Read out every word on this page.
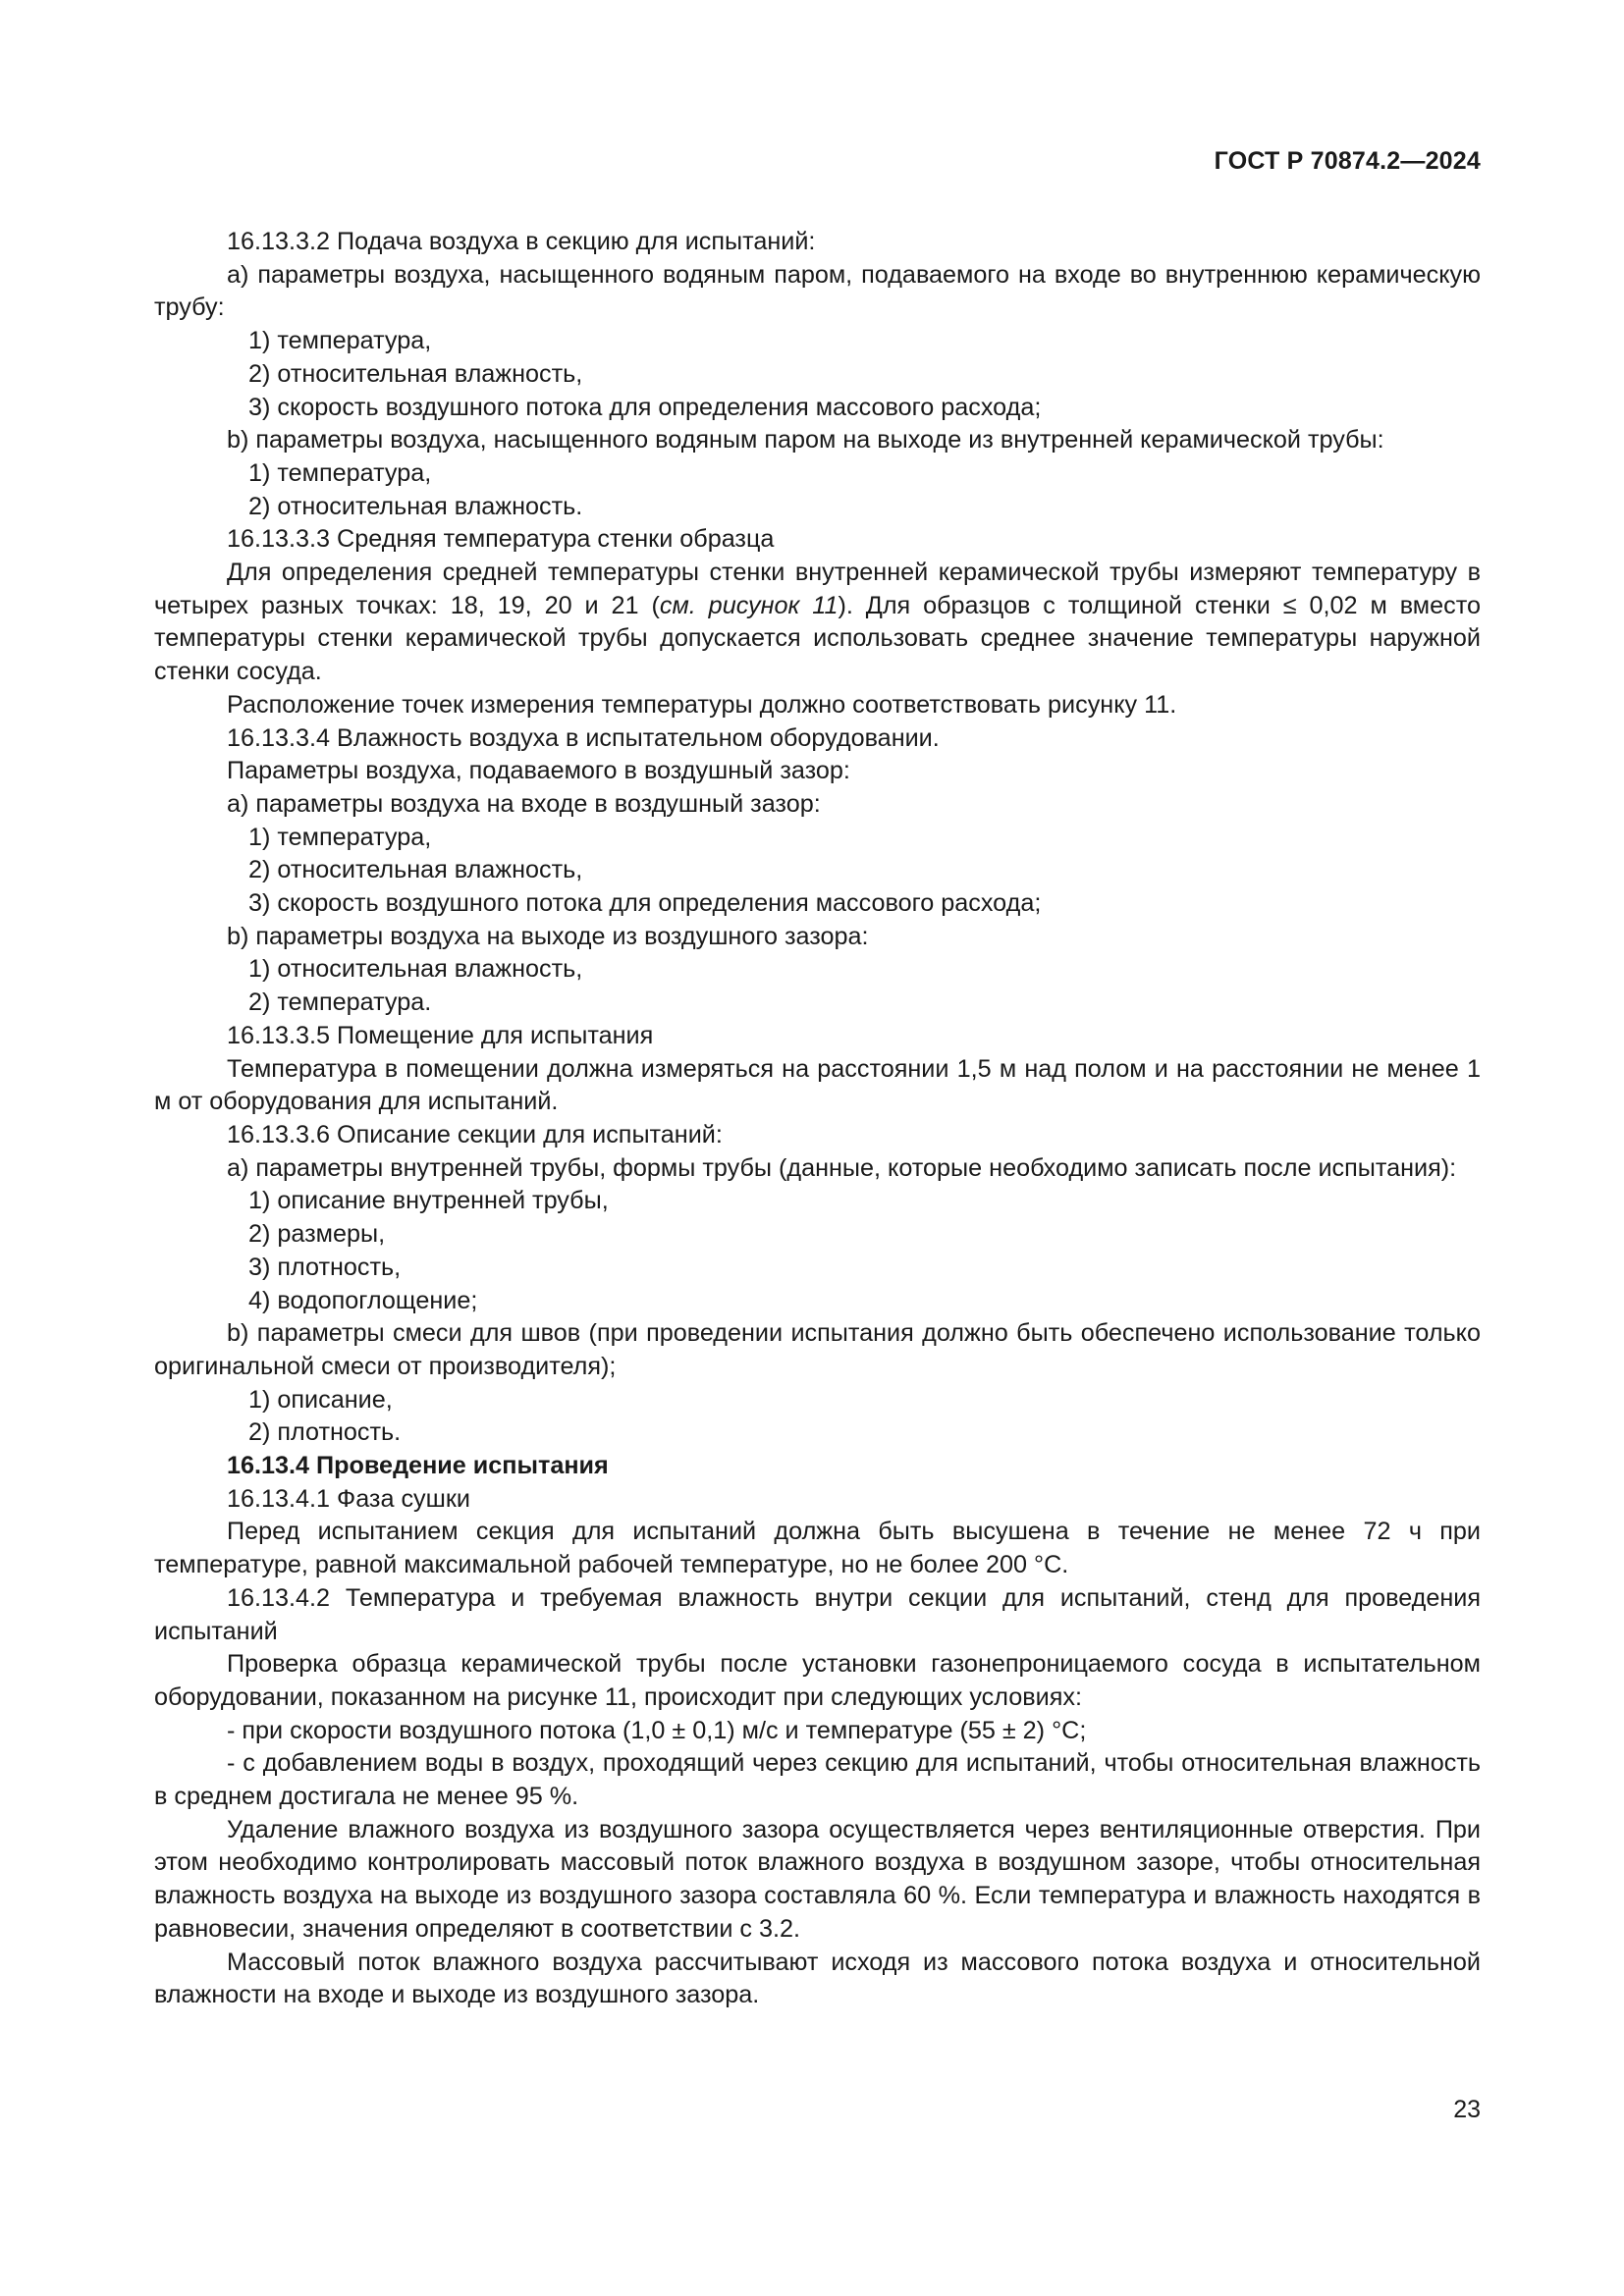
ГОСТ Р 70874.2—2024

16.13.3.2 Подача воздуха в секцию для испытаний:

a) параметры воздуха, насыщенного водяным паром, подаваемого на входе во внутреннюю керамическую трубу:

1) температура,

2) относительная влажность,

3) скорость воздушного потока для определения массового расхода;

b) параметры воздуха, насыщенного водяным паром на выходе из внутренней керамической трубы:

1) температура,

2) относительная влажность.

16.13.3.3 Средняя температура стенки образца

Для определения средней температуры стенки внутренней керамической трубы измеряют температуру в четырех разных точках: 18, 19, 20 и 21 (см. рисунок 11). Для образцов с толщиной стенки ≤ 0,02 м вместо температуры стенки керамической трубы допускается использовать среднее значение температуры наружной стенки сосуда.

Расположение точек измерения температуры должно соответствовать рисунку 11.

16.13.3.4 Влажность воздуха в испытательном оборудовании.

Параметры воздуха, подаваемого в воздушный зазор:

a) параметры воздуха на входе в воздушный зазор:

1) температура,

2) относительная влажность,

3) скорость воздушного потока для определения массового расхода;

b) параметры воздуха на выходе из воздушного зазора:

1) относительная влажность,

2) температура.

16.13.3.5 Помещение для испытания

Температура в помещении должна измеряться на расстоянии 1,5 м над полом и на расстоянии не менее 1 м от оборудования для испытаний.

16.13.3.6 Описание секции для испытаний:

a) параметры внутренней трубы, формы трубы (данные, которые необходимо записать после испытания):

1) описание внутренней трубы,

2) размеры,

3) плотность,

4) водопоглощение;

b) параметры смеси для швов (при проведении испытания должно быть обеспечено использование только оригинальной смеси от производителя);

1) описание,

2) плотность.

16.13.4 Проведение испытания

16.13.4.1 Фаза сушки

Перед испытанием секция для испытаний должна быть высушена в течение не менее 72 ч при температуре, равной максимальной рабочей температуре, но не более 200 °C.

16.13.4.2 Температура и требуемая влажность внутри секции для испытаний, стенд для проведения испытаний

Проверка образца керамической трубы после установки газонепроницаемого сосуда в испытательном оборудовании, показанном на рисунке 11, происходит при следующих условиях:

- при скорости воздушного потока (1,0 ± 0,1) м/с и температуре (55 ± 2) °C;

- с добавлением воды в воздух, проходящий через секцию для испытаний, чтобы относительная влажность в среднем достигала не менее 95 %.

Удаление влажного воздуха из воздушного зазора осуществляется через вентиляционные отверстия. При этом необходимо контролировать массовый поток влажного воздуха в воздушном зазоре, чтобы относительная влажность воздуха на выходе из воздушного зазора составляла 60 %. Если температура и влажность находятся в равновесии, значения определяют в соответствии с 3.2.

Массовый поток влажного воздуха рассчитывают исходя из массового потока воздуха и относительной влажности на входе и выходе из воздушного зазора.

23
